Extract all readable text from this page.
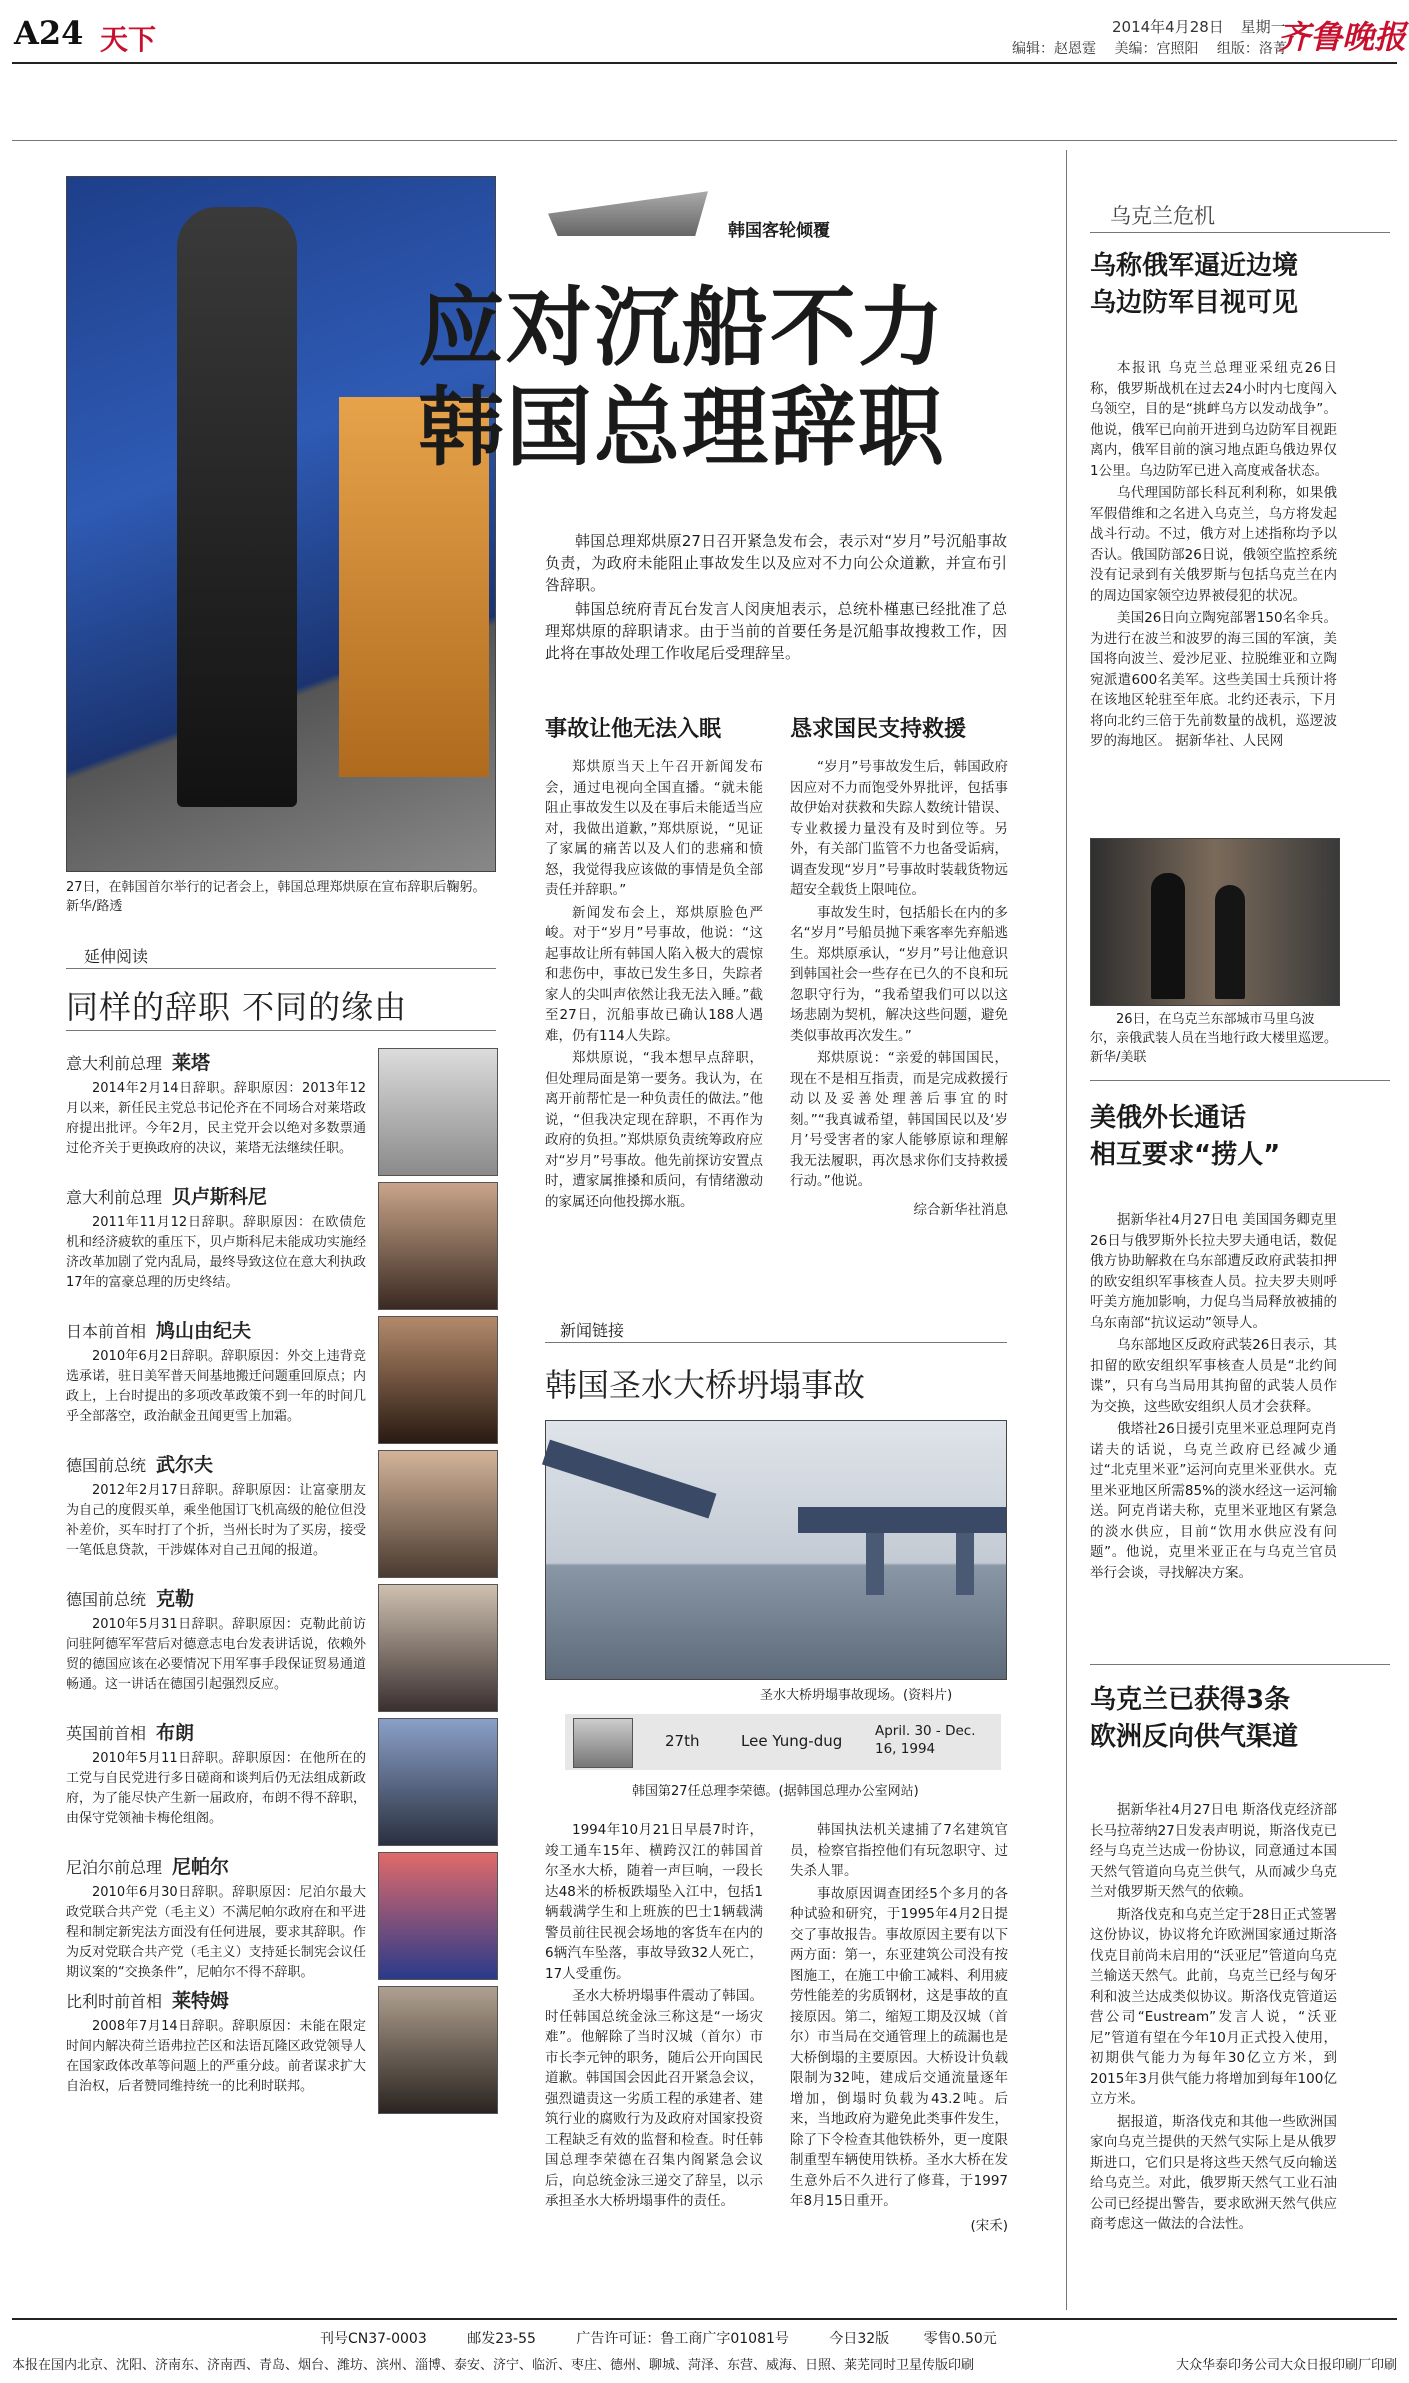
A24 天下	2014年4月28日 星期一
编辑：赵恩霆 美编：宫照阳 组版：洛菁
齐鲁晚报
27日，在韩国首尔举行的记者会上，韩国总理郑烘原在宣布辞职后鞠躬。 新华/路透
韩国客轮倾覆
应对沉船不力
韩国总理辞职

韩国总理郑烘原27日召开紧急发布会，表示对“岁月”号沉船事故负责，为政府未能阻止事故发生以及应对不力向公众道歉，并宣布引咎辞职。

韩国总统府青瓦台发言人闵庚旭表示，总统朴槿惠已经批准了总理郑烘原的辞职请求。由于当前的首要任务是沉船事故搜救工作，因此将在事故处理工作收尾后受理辞呈。

事故让他无法入眠

郑烘原当天上午召开新闻发布会，通过电视向全国直播。“就未能阻止事故发生以及在事后未能适当应对，我做出道歉，”郑烘原说，“见证了家属的痛苦以及人们的悲痛和愤怒，我觉得我应该做的事情是负全部责任并辞职。”

新闻发布会上，郑烘原脸色严峻。对于“岁月”号事故，他说：“这起事故让所有韩国人陷入极大的震惊和悲伤中，事故已发生多日，失踪者家人的尖叫声依然让我无法入睡。”截至27日，沉船事故已确认188人遇难，仍有114人失踪。

郑烘原说，“我本想早点辞职，但处理局面是第一要务。我认为，在离开前帮忙是一种负责任的做法。”他说，“但我决定现在辞职，不再作为政府的负担。”郑烘原负责统筹政府应对“岁月”号事故。他先前探访安置点时，遭家属推搡和质问，有情绪激动的家属还向他投掷水瓶。

恳求国民支持救援

“岁月”号事故发生后，韩国政府因应对不力而饱受外界批评，包括事故伊始对获救和失踪人数统计错误、专业救援力量没有及时到位等。另外，有关部门监管不力也备受诟病，调查发现“岁月”号事故时装载货物远超安全载货上限吨位。

事故发生时，包括船长在内的多名“岁月”号船员抛下乘客率先弃船逃生。郑烘原承认，“岁月”号让他意识到韩国社会一些存在已久的不良和玩忽职守行为，“我希望我们可以以这场悲剧为契机，解决这些问题，避免类似事故再次发生。”

郑烘原说：“亲爱的韩国国民，现在不是相互指责，而是完成救援行动以及妥善处理善后事宜的时刻。”“我真诚希望，韩国国民以及‘岁月’号受害者的家人能够原谅和理解我无法履职，再次恳求你们支持救援行动。”他说。

综合新华社消息
延伸阅读
同样的辞职 不同的缘由
意大利前总理 莱塔

2014年2月14日辞职。辞职原因：2013年12月以来，新任民主党总书记伦齐在不同场合对莱塔政府提出批评。今年2月，民主党开会以绝对多数票通过伦齐关于更换政府的决议，莱塔无法继续任职。

意大利前总理 贝卢斯科尼

2011年11月12日辞职。辞职原因：在欧债危机和经济疲软的重压下，贝卢斯科尼未能成功实施经济改革加剧了党内乱局，最终导致这位在意大利执政17年的富豪总理的历史终结。

日本前首相 鸠山由纪夫

2010年6月2日辞职。辞职原因：外交上违背竞选承诺，驻日美军普天间基地搬迁问题重回原点；内政上，上台时提出的多项改革政策不到一年的时间几乎全部落空，政治献金丑闻更雪上加霜。

德国前总统 武尔夫

2012年2月17日辞职。辞职原因：让富豪朋友为自己的度假买单，乘坐他国订飞机高级的舱位但没补差价，买车时打了个折，当州长时为了买房，接受一笔低息贷款，干涉媒体对自己丑闻的报道。

德国前总统 克勒

2010年5月31日辞职。辞职原因：克勒此前访问驻阿德军军营后对德意志电台发表讲话说，依赖外贸的德国应该在必要情况下用军事手段保证贸易通道畅通。这一讲话在德国引起强烈反应。

英国前首相 布朗

2010年5月11日辞职。辞职原因：在他所在的工党与自民党进行多日磋商和谈判后仍无法组成新政府，为了能尽快产生新一届政府，布朗不得不辞职，由保守党领袖卡梅伦组阁。

尼泊尔前总理 尼帕尔

2010年6月30日辞职。辞职原因：尼泊尔最大政党联合共产党（毛主义）不满尼帕尔政府在和平进程和制定新宪法方面没有任何进展，要求其辞职。作为反对党联合共产党（毛主义）支持延长制宪会议任期议案的“交换条件”，尼帕尔不得不辞职。

比利时前首相 莱特姆

2008年7月14日辞职。辞职原因：未能在限定时间内解决荷兰语弗拉芒区和法语瓦隆区政党领导人在国家政体改革等问题上的严重分歧。前者谋求扩大自治权，后者赞同维持统一的比利时联邦。

新闻链接
韩国圣水大桥坍塌事故
圣水大桥坍塌事故现场。(资料片)
27th	Lee Yung-dug
April. 30 - Dec. 16, 1994
韩国第27任总理李荣德。(据韩国总理办公室网站)

1994年10月21日早晨7时许，竣工通车15年、横跨汉江的韩国首尔圣水大桥，随着一声巨响，一段长达48米的桥板跌塌坠入江中，包括1辆载满学生和上班族的巴士1辆载满警员前往民视会场地的客货车在内的6辆汽车坠落，事故导致32人死亡，17人受重伤。

圣水大桥坍塌事件震动了韩国。时任韩国总统金泳三称这是“一场灾难”。他解除了当时汉城（首尔）市市长李元钟的职务，随后公开向国民道歉。韩国国会因此召开紧急会议，强烈谴责这一劣质工程的承建者、建筑行业的腐败行为及政府对国家投资工程缺乏有效的监督和检查。时任韩国总理李荣德在召集内阁紧急会议后，向总统金泳三递交了辞呈，以示承担圣水大桥坍塌事件的责任。

韩国执法机关逮捕了7名建筑官员，检察官指控他们有玩忽职守、过失杀人罪。

事故原因调查团经5个多月的各种试验和研究，于1995年4月2日提交了事故报告。事故原因主要有以下两方面：第一，东亚建筑公司没有按图施工，在施工中偷工减料、利用疲劳性能差的劣质钢材，这是事故的直接原因。第二，缩短工期及汉城（首尔）市当局在交通管理上的疏漏也是大桥倒塌的主要原因。大桥设计负载限制为32吨，建成后交通流量逐年增加，倒塌时负载为43.2吨。后来，当地政府为避免此类事件发生，除了下令检查其他铁桥外，更一度限制重型车辆使用铁桥。圣水大桥在发生意外后不久进行了修葺，于1997年8月15日重开。

(宋禾)
乌克兰危机
乌称俄军逼近边境
乌边防军目视可见

本报讯 乌克兰总理亚采纽克26日称，俄罗斯战机在过去24小时内七度闯入乌领空，目的是“挑衅乌方以发动战争”。他说，俄军已向前开进到乌边防军目视距离内，俄军目前的演习地点距乌俄边界仅1公里。乌边防军已进入高度戒备状态。

乌代理国防部长科瓦利利称，如果俄军假借维和之名进入乌克兰，乌方将发起战斗行动。不过，俄方对上述指称均予以否认。俄国防部26日说，俄领空监控系统没有记录到有关俄罗斯与包括乌克兰在内的周边国家领空边界被侵犯的状况。

美国26日向立陶宛部署150名伞兵。为进行在波兰和波罗的海三国的军演，美国将向波兰、爱沙尼亚、拉脱维亚和立陶宛派遣600名美军。这些美国士兵预计将在该地区轮驻至年底。北约还表示，下月将向北约三倍于先前数量的战机，巡逻波罗的海地区。 据新华社、人民网

26日，在乌克兰东部城市马里乌波尔，亲俄武装人员在当地行政大楼里巡逻。 新华/美联
美俄外长通话
相互要求“捞人”

据新华社4月27日电 美国国务卿克里26日与俄罗斯外长拉夫罗夫通电话，数促俄方协助解救在乌东部遭反政府武装扣押的欧安组织军事核查人员。拉夫罗夫则呼吁美方施加影响，力促乌当局释放被捕的乌东南部“抗议运动”领导人。

乌东部地区反政府武装26日表示，其扣留的欧安组织军事核查人员是“北约间谍”，只有乌当局用其拘留的武装人员作为交换，这些欧安组织人员才会获释。

俄塔社26日援引克里米亚总理阿克肖诺夫的话说，乌克兰政府已经减少通过“北克里米亚”运河向克里米亚供水。克里米亚地区所需85%的淡水经这一运河输送。阿克肖诺夫称，克里米亚地区有紧急的淡水供应，目前“饮用水供应没有问题”。他说，克里米亚正在与乌克兰官员举行会谈，寻找解决方案。

乌克兰已获得3条
欧洲反向供气渠道

据新华社4月27日电 斯洛伐克经济部长马拉蒂纳27日发表声明说，斯洛伐克已经与乌克兰达成一份协议，同意通过本国天然气管道向乌克兰供气，从而减少乌克兰对俄罗斯天然气的依赖。

斯洛伐克和乌克兰定于28日正式签署这份协议，协议将允许欧洲国家通过斯洛伐克目前尚未启用的“沃亚尼”管道向乌克兰输送天然气。此前，乌克兰已经与匈牙利和波兰达成类似协议。斯洛伐克管道运营公司“Eustream”发言人说，“沃亚尼”管道有望在今年10月正式投入使用，初期供气能力为每年30亿立方米，到2015年3月供气能力将增加到每年100亿立方米。

据报道，斯洛伐克和其他一些欧洲国家向乌克兰提供的天然气实际上是从俄罗斯进口，它们只是将这些天然气反向输送给乌克兰。对此，俄罗斯天然气工业石油公司已经提出警告，要求欧洲天然气供应商考虑这一做法的合法性。

刊号CN37-0003	邮发23-55	广告许可证：鲁工商广字01081号	今日32版 零售0.50元
本报在国内北京、沈阳、济南东、济南西、青岛、烟台、潍坊、滨州、淄博、泰安、济宁、临沂、枣庄、德州、聊城、菏泽、东营、威海、日照、莱芜同时卫星传版印刷	大众华泰印务公司大众日报印刷厂印刷
